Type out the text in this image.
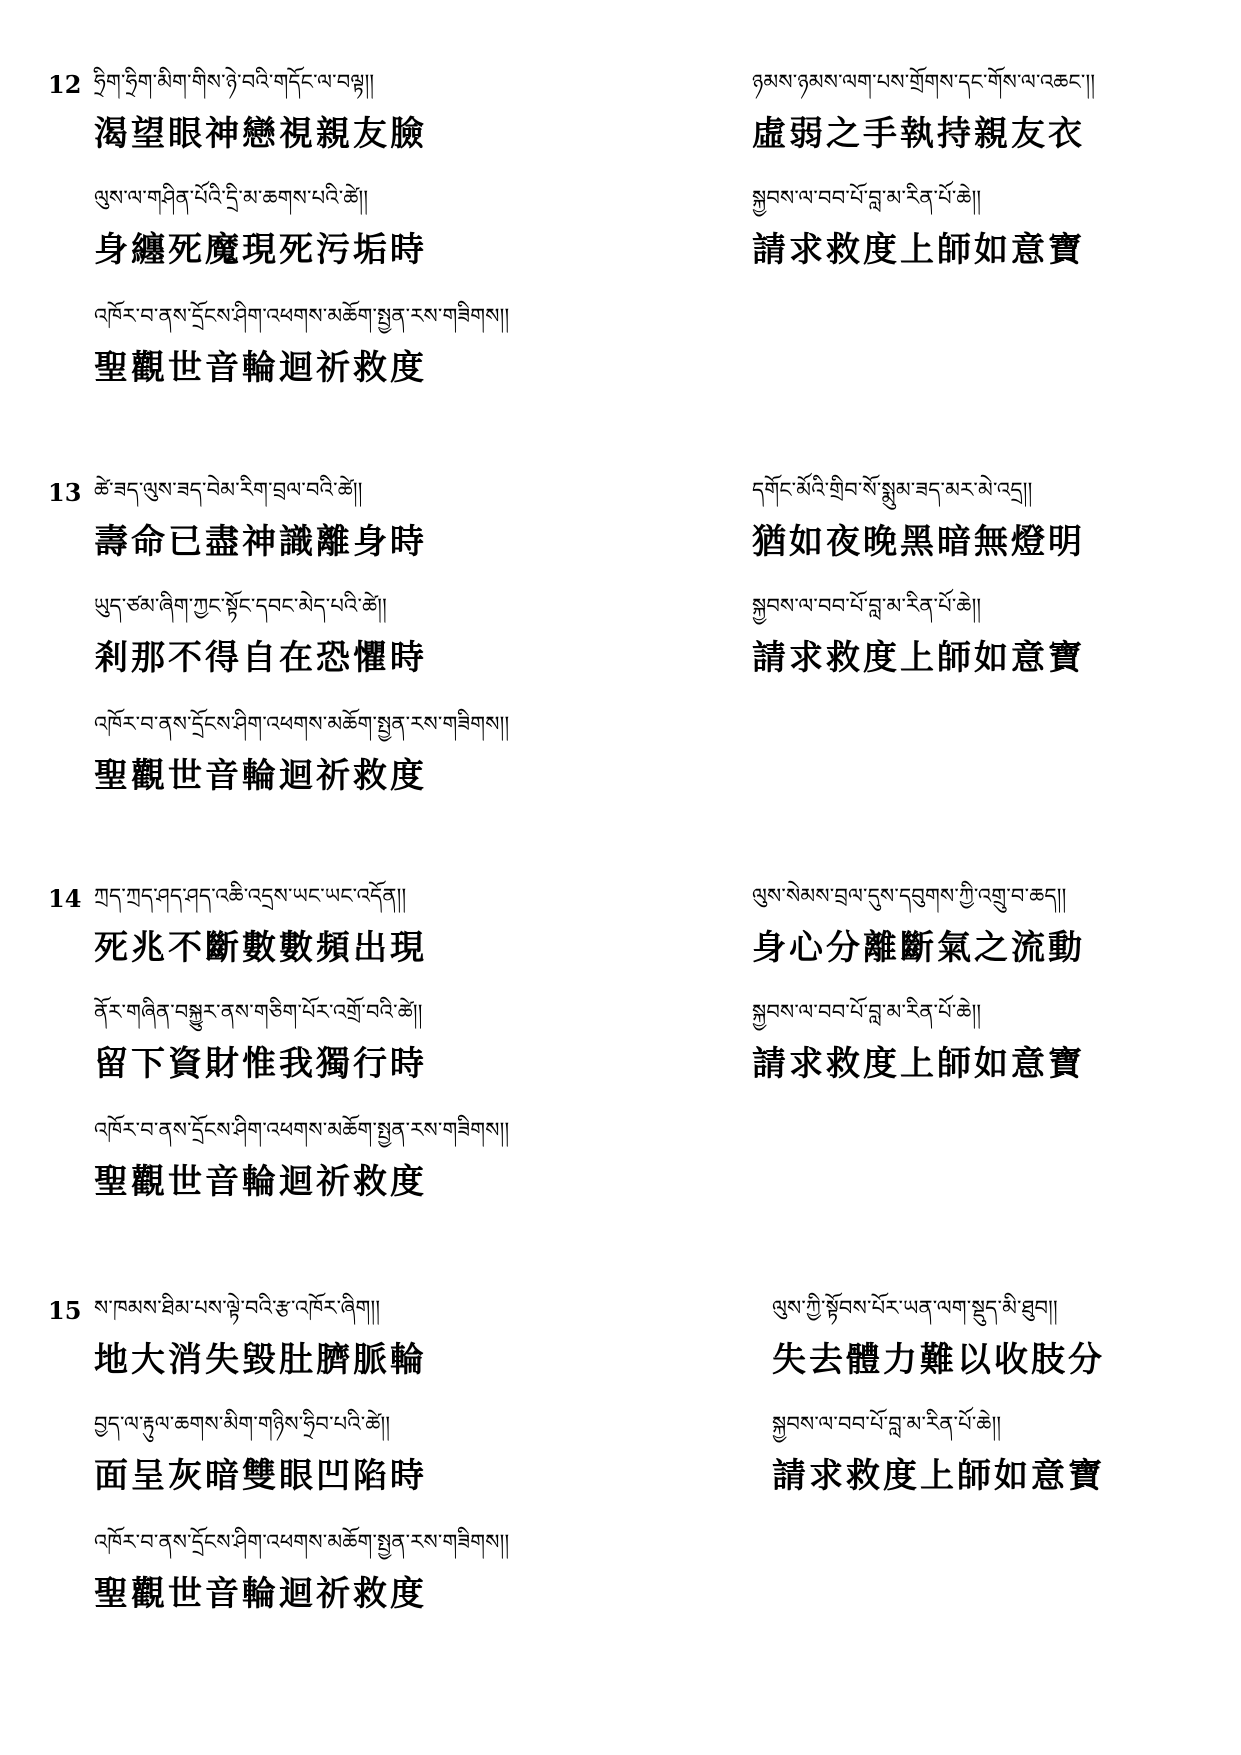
12 ཧྲིག་ཧྲིག་མིག་གིས་ཉེ་བའི་གདོང་ལ་བལྟ།།
渴望眼神戀視親友臉
ལུས་ལ་གཤིན་པོའི་དྲི་མ་ཆགས་པའི་ཚེ།།
身纏死魔現死污垢時
འཁོར་བ་ནས་དྲོངས་ཤིག་འཕགས་མཆོག་སྤྱན་རས་གཟིགས།།
聖觀世音輪迴祈救度
ཉམས་ཉམས་ལག་པས་གྲོགས་དང་གོས་ལ་འཆང་།།
虛弱之手執持親友衣
སྐྱབས་ལ་བབ་པོ་བླ་མ་རིན་པོ་ཆེ།།
請求救度上師如意寶
13 ཚེ་ཟད་ལུས་ཟད་བེམ་རིག་བྲལ་བའི་ཚེ།།
壽命已盡神識離身時
ཡུད་ཙམ་ཞིག་ཀྱང་སྟོང་དབང་མེད་པའི་ཚེ།།
剎那不得自在恐懼時
འཁོར་བ་ནས་དྲོངས་ཤིག་འཕགས་མཆོག་སྤྱན་རས་གཟིགས།།
聖觀世音輪迴祈救度
དགོང་མོའི་གྲིབ་སོ་སྨུམ་ཟད་མར་མེ་འདྲ།།
猶如夜晚黑暗無燈明
སྐྱབས་ལ་བབ་པོ་བླ་མ་རིན་པོ་ཆེ།།
請求救度上師如意寶
14 ཀྲད་ཀྲད་ཤད་ཤད་འཆི་འདྲས་ཡང་ཡང་འདོན།།
死兆不斷數數頻出現
ནོར་གཞིན་བསྐྱུར་ནས་གཅིག་པོར་འགྲོ་བའི་ཚེ།།
留下資財惟我獨行時
འཁོར་བ་ནས་དྲོངས་ཤིག་འཕགས་མཆོག་སྤྱན་རས་གཟིགས།།
聖觀世音輪迴祈救度
ལུས་སེམས་བྲལ་དུས་དབུགས་ཀྱི་འགྲུ་བ་ཆད།།
身心分離斷氣之流動
སྐྱབས་ལ་བབ་པོ་བླ་མ་རིན་པོ་ཆེ།།
請求救度上師如意寶
15 ས་ཁམས་ཐིམ་པས་ལྟེ་བའི་རྩ་འཁོར་ཞིག།།
地大消失毀肚臍脈輪
བྱད་ལ་རྟུལ་ཆགས་མིག་གཉིས་ཧྲིབ་པའི་ཚེ།།
面呈灰暗雙眼凹陷時
འཁོར་བ་ནས་དྲོངས་ཤིག་འཕགས་མཆོག་སྤྱན་རས་གཟིགས།།
聖觀世音輪迴祈救度
ལུས་ཀྱི་སྟོབས་པོར་ཡན་ལག་སྡུད་མི་ཐུབ།།
失去體力難以收肢分
སྐྱབས་ལ་བབ་པོ་བླ་མ་རིན་པོ་ཆེ།།
請求救度上師如意寶
